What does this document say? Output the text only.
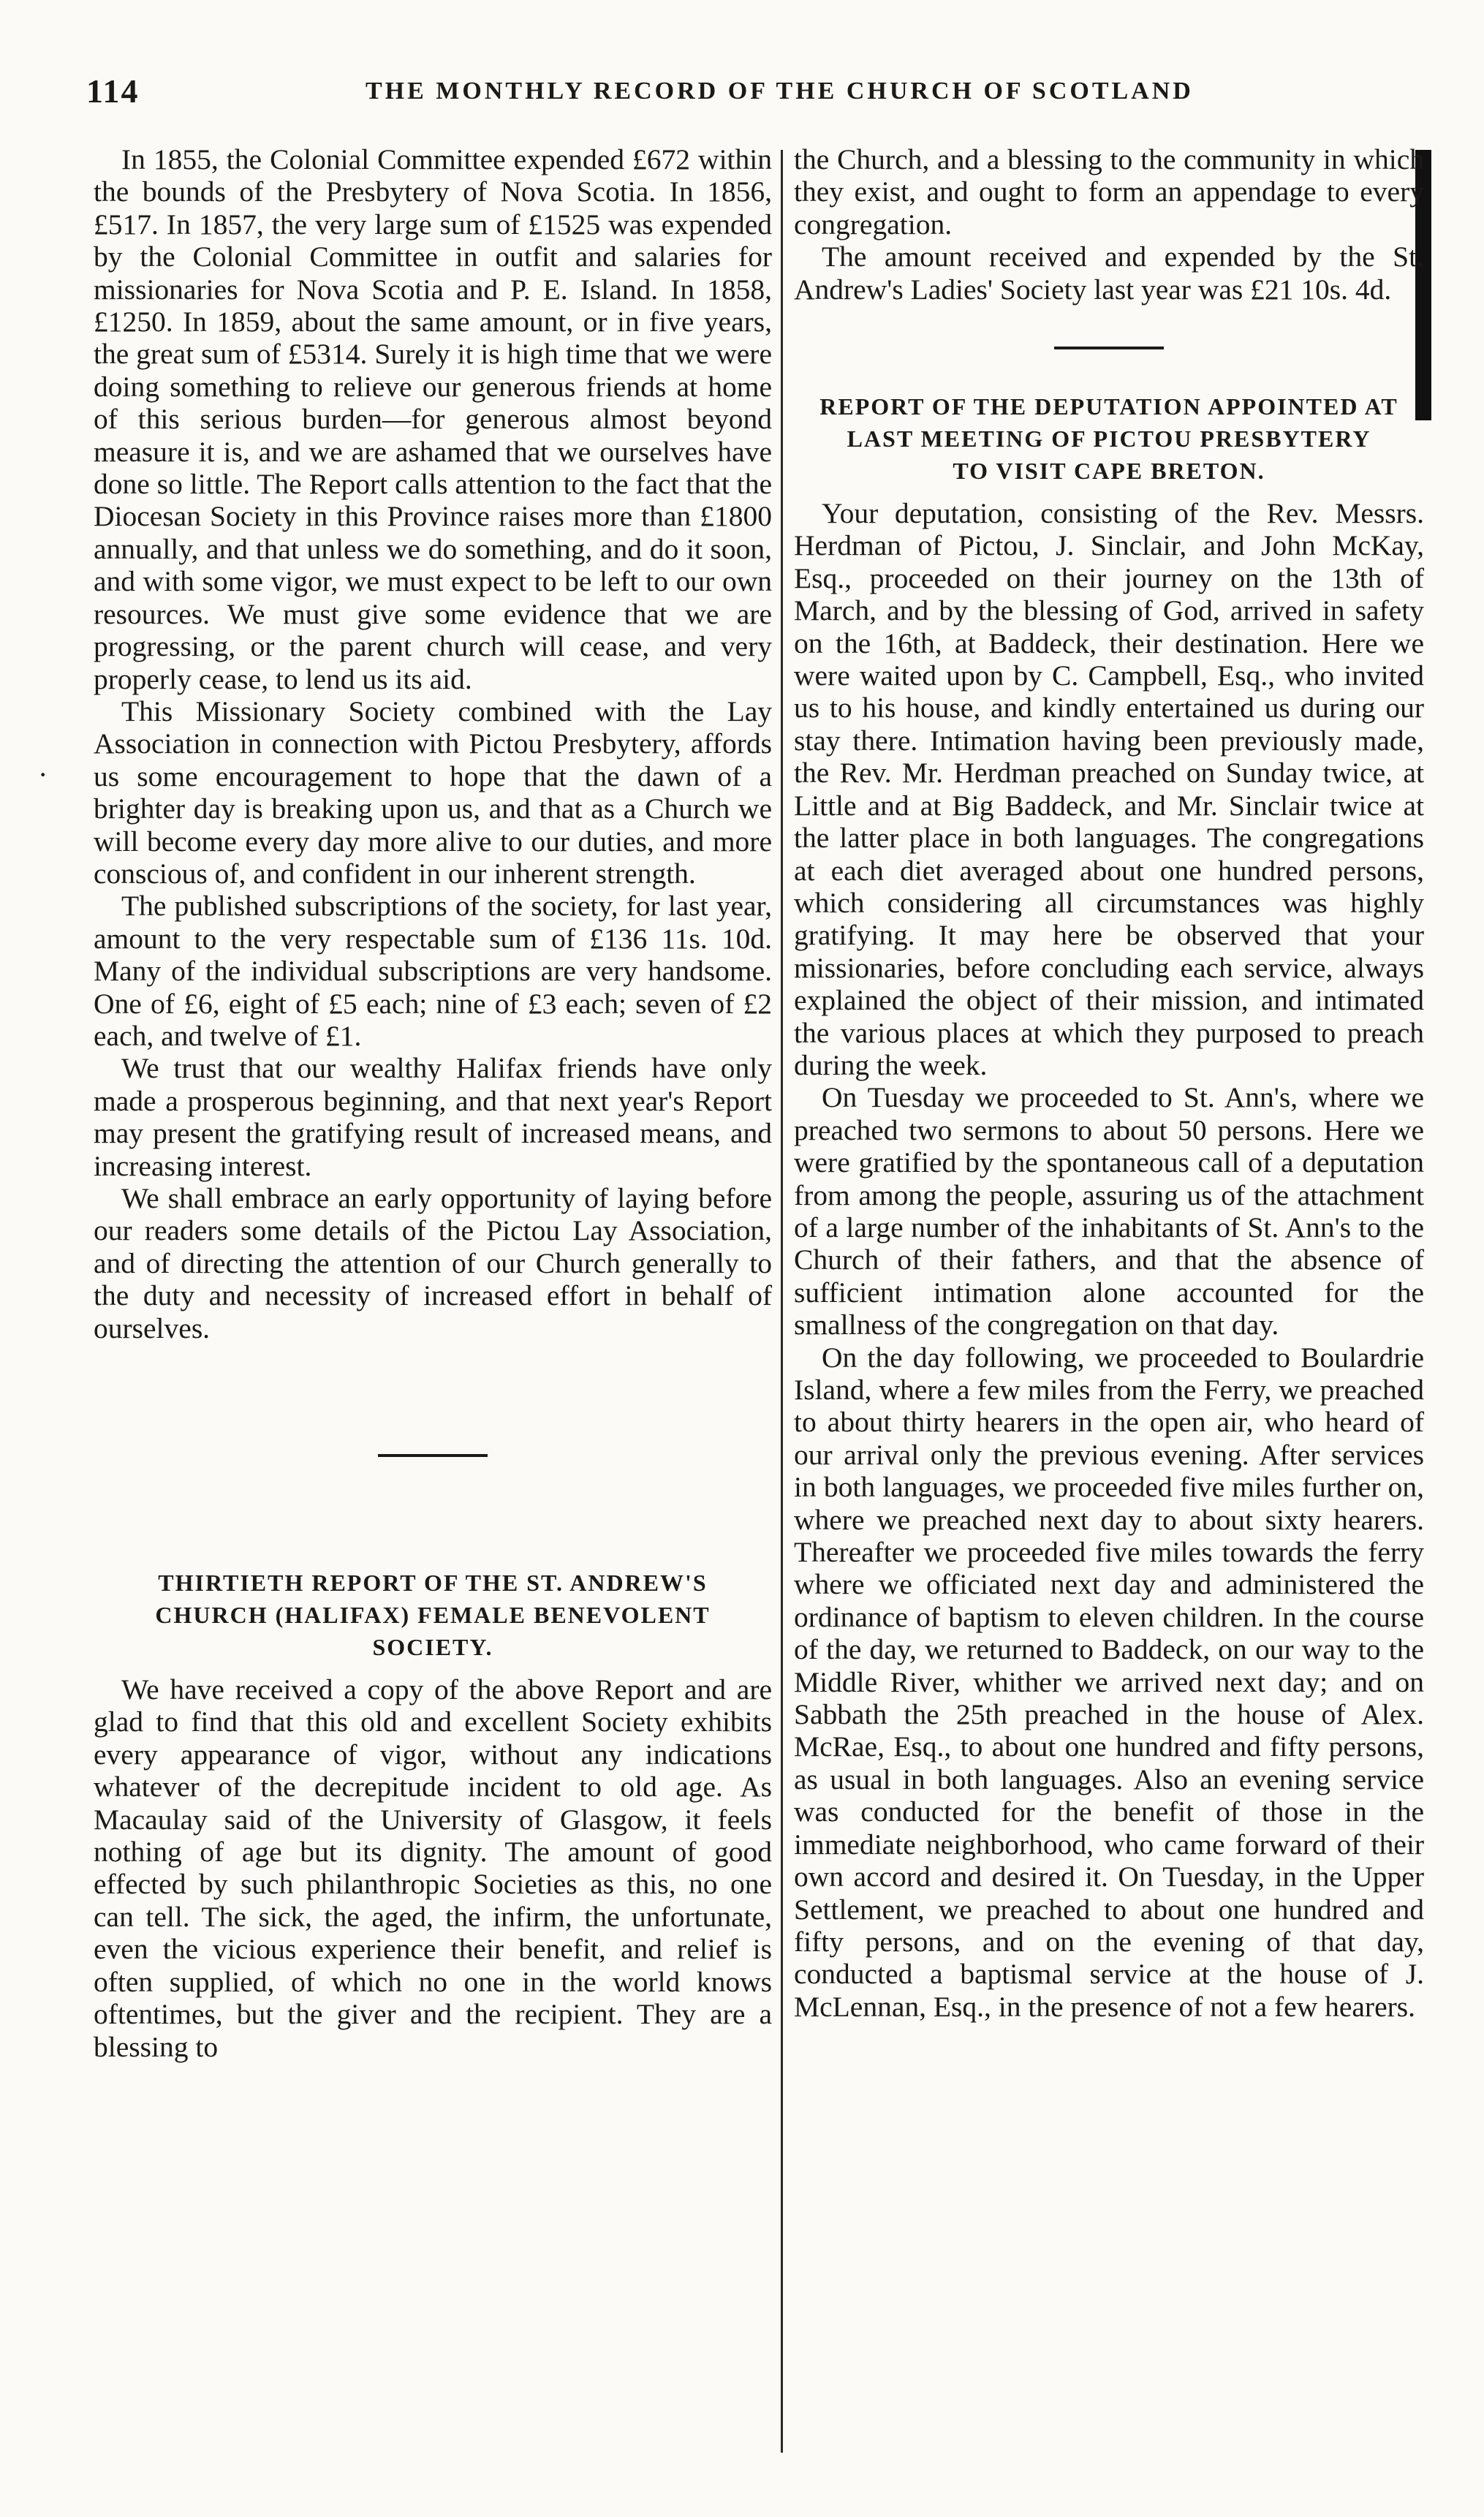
114	THE MONTHLY RECORD OF THE CHURCH OF SCOTLAND
·

In 1855, the Colonial Committee expended £672 within the bounds of the Presbytery of Nova Scotia. In 1856, £517. In 1857, the very large sum of £1525 was expended by the Colonial Committee in outfit and salaries for missionaries for Nova Scotia and P. E. Island. In 1858, £1250. In 1859, about the same amount, or in five years, the great sum of £5314. Surely it is high time that we were doing something to relieve our generous friends at home of this serious burden—for generous almost beyond measure it is, and we are ashamed that we ourselves have done so little. The Report calls attention to the fact that the Diocesan Society in this Province raises more than £1800 annually, and that unless we do something, and do it soon, and with some vigor, we must expect to be left to our own resources. We must give some evidence that we are progressing, or the parent church will cease, and very properly cease, to lend us its aid.

This Missionary Society combined with the Lay Association in connection with Pictou Presbytery, affords us some encouragement to hope that the dawn of a brighter day is breaking upon us, and that as a Church we will become every day more alive to our duties, and more conscious of, and confident in our inherent strength.

The published subscriptions of the society, for last year, amount to the very respectable sum of £136 11s. 10d. Many of the individual subscriptions are very handsome. One of £6, eight of £5 each; nine of £3 each; seven of £2 each, and twelve of £1.

We trust that our wealthy Halifax friends have only made a prosperous beginning, and that next year's Report may present the gratifying result of increased means, and increasing interest.

We shall embrace an early opportunity of laying before our readers some details of the Pictou Lay Association, and of directing the attention of our Church generally to the duty and necessity of increased effort in behalf of ourselves.

THIRTIETH REPORT OF THE ST. ANDREW'S
CHURCH (HALIFAX) FEMALE BENEVOLENT
SOCIETY.

We have received a copy of the above Report and are glad to find that this old and excellent Society exhibits every appearance of vigor, without any indications whatever of the decrepitude incident to old age. As Macaulay said of the University of Glasgow, it feels nothing of age but its dignity. The amount of good effected by such philanthropic Societies as this, no one can tell. The sick, the aged, the infirm, the unfortunate, even the vicious experience their benefit, and relief is often supplied, of which no one in the world knows oftentimes, but the giver and the recipient. They are a blessing to

the Church, and a blessing to the community in which they exist, and ought to form an appendage to every congregation.

The amount received and expended by the St. Andrew's Ladies' Society last year was £21 10s. 4d.

REPORT OF THE DEPUTATION APPOINTED AT
LAST MEETING OF PICTOU PRESBYTERY
TO VISIT CAPE BRETON.

Your deputation, consisting of the Rev. Messrs. Herdman of Pictou, J. Sinclair, and John McKay, Esq., proceeded on their journey on the 13th of March, and by the blessing of God, arrived in safety on the 16th, at Baddeck, their destination. Here we were waited upon by C. Campbell, Esq., who invited us to his house, and kindly entertained us during our stay there. Intimation having been previously made, the Rev. Mr. Herdman preached on Sunday twice, at Little and at Big Baddeck, and Mr. Sinclair twice at the latter place in both languages. The congregations at each diet averaged about one hundred persons, which considering all circumstances was highly gratifying. It may here be observed that your missionaries, before concluding each service, always explained the object of their mission, and intimated the various places at which they purposed to preach during the week.

On Tuesday we proceeded to St. Ann's, where we preached two sermons to about 50 persons. Here we were gratified by the spontaneous call of a deputation from among the people, assuring us of the attachment of a large number of the inhabitants of St. Ann's to the Church of their fathers, and that the absence of sufficient intimation alone accounted for the smallness of the congregation on that day.

On the day following, we proceeded to Boulardrie Island, where a few miles from the Ferry, we preached to about thirty hearers in the open air, who heard of our arrival only the previous evening. After services in both languages, we proceeded five miles further on, where we preached next day to about sixty hearers. Thereafter we proceeded five miles towards the ferry where we officiated next day and administered the ordinance of baptism to eleven children. In the course of the day, we returned to Baddeck, on our way to the Middle River, whither we arrived next day; and on Sabbath the 25th preached in the house of Alex. McRae, Esq., to about one hundred and fifty persons, as usual in both languages. Also an evening service was conducted for the benefit of those in the immediate neighborhood, who came forward of their own accord and desired it. On Tuesday, in the Upper Settlement, we preached to about one hundred and fifty persons, and on the evening of that day, conducted a baptismal service at the house of J. McLennan, Esq., in the presence of not a few hearers.
